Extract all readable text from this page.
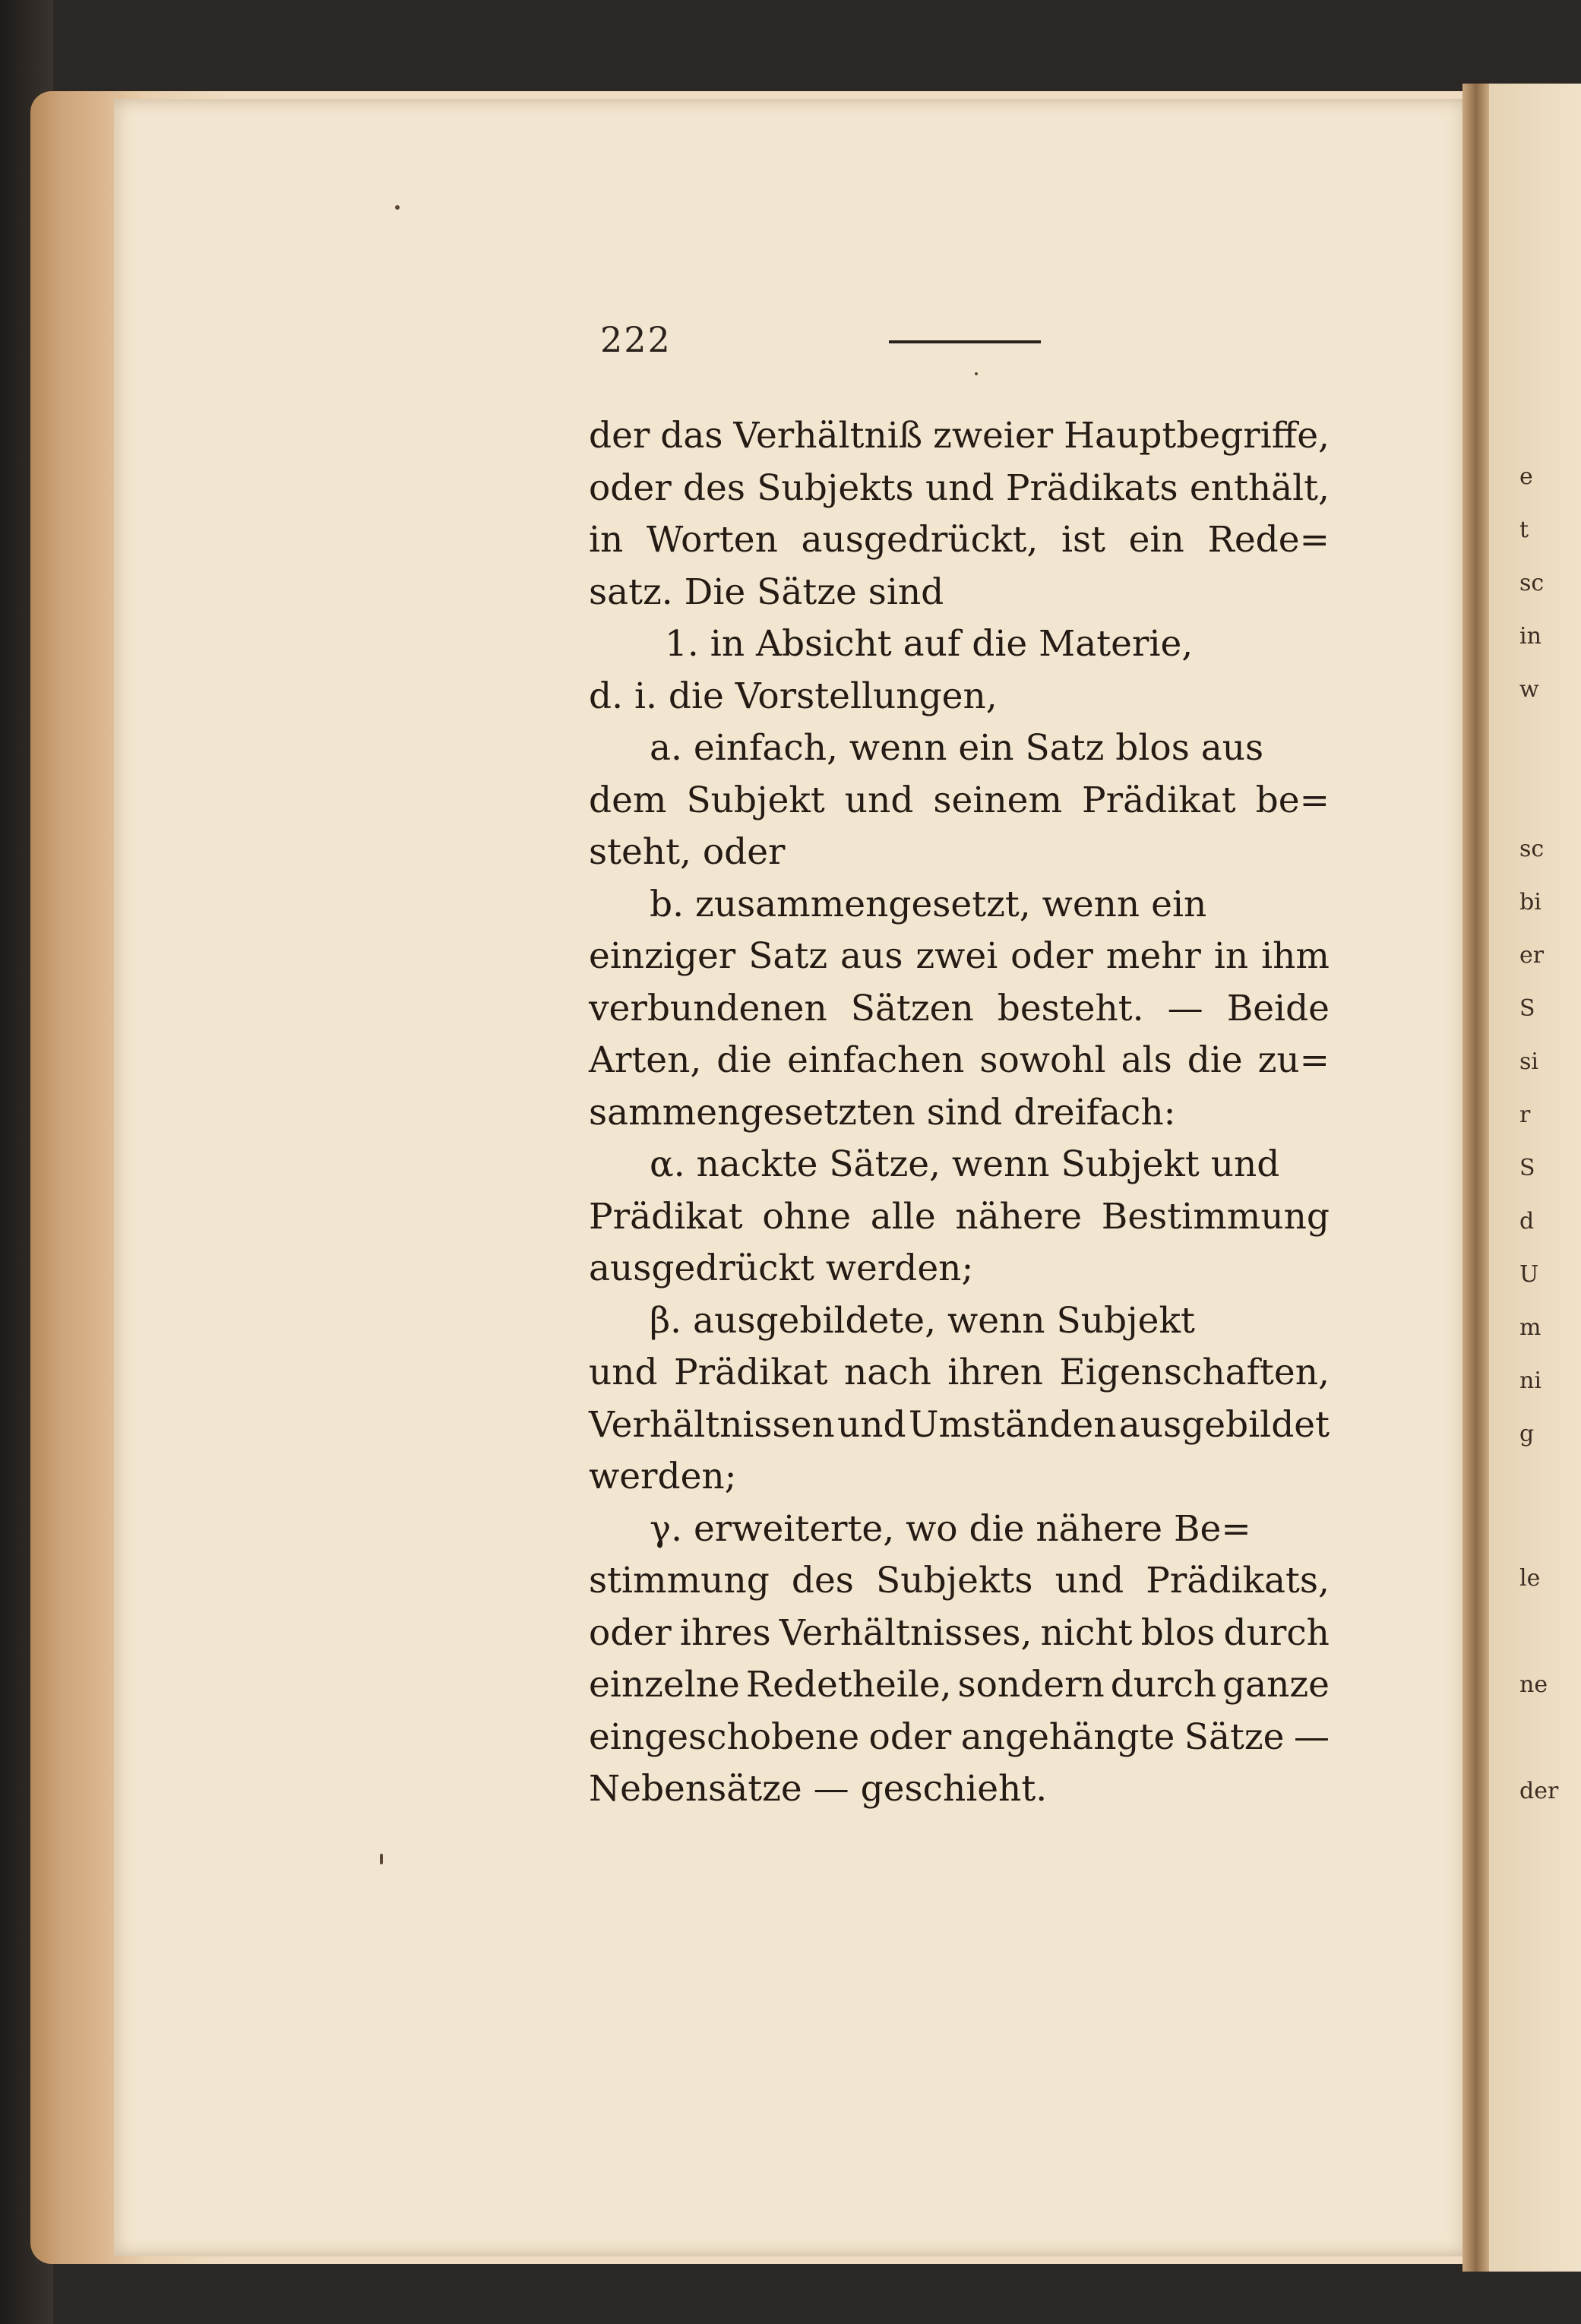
e
t
sc
in
w
sc
bi
er
S
si
r
S
d
U
m
ni
g
le
ne
der
222
der das Verhältniß zweier Hauptbegriffe,
oder des Subjekts und Prädikats enthält,
in Worten ausgedrückt, ist ein Rede=
satz. Die Sätze sind
1. in Absicht auf die Materie,
d. i. die Vorstellungen,
a. einfach, wenn ein Satz blos aus
dem Subjekt und seinem Prädikat be=
steht, oder
b. zusammengesetzt, wenn ein
einziger Satz aus zwei oder mehr in ihm
verbundenen Sätzen besteht. — Beide
Arten, die einfachen sowohl als die zu=
sammengesetzten sind dreifach:
α. nackte Sätze, wenn Subjekt und
Prädikat ohne alle nähere Bestimmung
ausgedrückt werden;
β. ausgebildete, wenn Subjekt
und Prädikat nach ihren Eigenschaften,
Verhältnissen und Umständen ausgebildet
werden;
γ. erweiterte, wo die nähere Be=
stimmung des Subjekts und Prädikats,
oder ihres Verhältnisses, nicht blos durch
einzelne Redetheile, sondern durch ganze
eingeschobene oder angehängte Sätze —
Nebensätze — geschieht.
